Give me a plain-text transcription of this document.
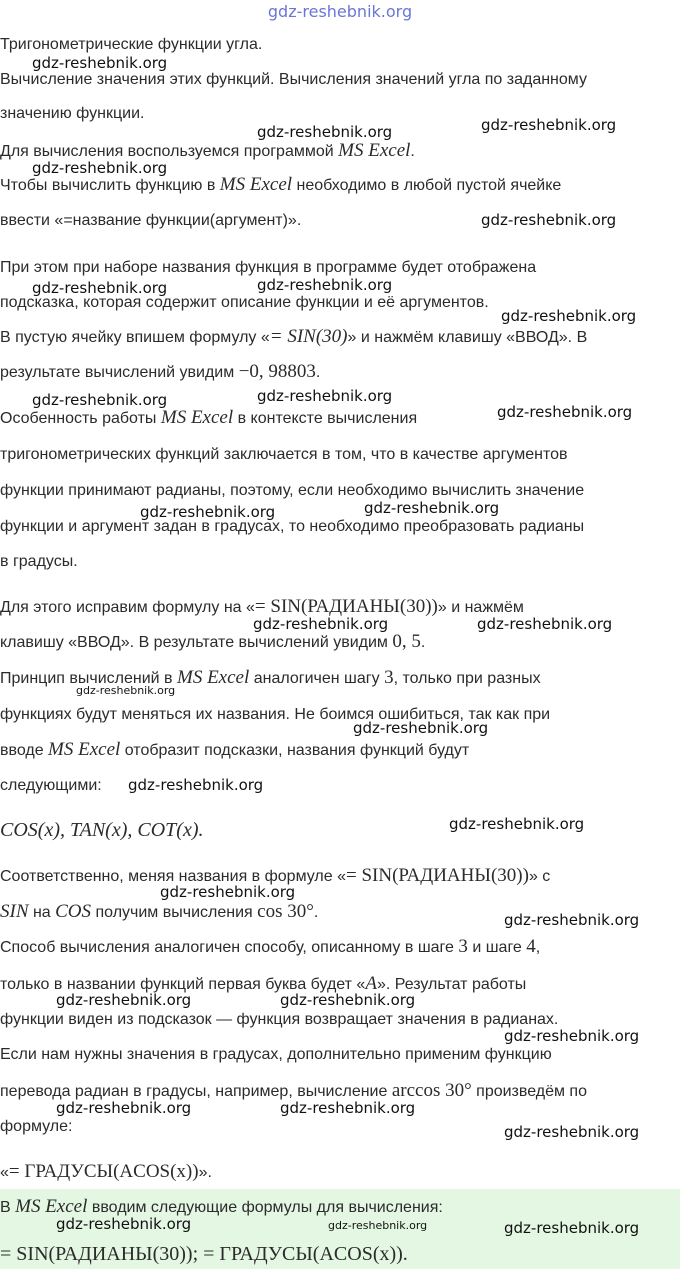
gdz-reshebnik.org
Тригонометрические функции угла.
Вычисление значения этих функций. Вычисления значений угла по заданному
значению функции.
Для вычисления воспользуемся программой MS Excel.
Чтобы вычислить функцию в MS Excel необходимо в любой пустой ячейке
ввести «=название функции(аргумент)».
При этом при наборе названия функция в программе будет отображена
подсказка, которая содержит описание функции и её аргументов.
В пустую ячейку впишем формулу «= SIN(30)» и нажмём клавишу «ВВОД». В
результате вычислений увидим −0, 98803.
Особенность работы MS Excel в контексте вычисления
тригонометрических функций заключается в том, что в качестве аргументов
функции принимают радианы, поэтому, если необходимо вычислить значение
функции и аргумент задан в градусах, то необходимо преобразовать радианы
в градусы.
Для этого исправим формулу на «= SIN(РАДИАНЫ(30))» и нажмём
клавишу «ВВОД». В результате вычислений увидим 0, 5.
Принцип вычислений в MS Excel аналогичен шагу 3, только при разных
функциях будут меняться их названия. Не боимся ошибиться, так как при
вводе MS Excel отобразит подсказки, названия функций будут
следующими:
COS(x), TAN(x), COT(x).
Соответственно, меняя названия в формуле «= SIN(РАДИАНЫ(30))» с
SIN на COS получим вычисления cos 30°.
Способ вычисления аналогичен способу, описанному в шаге 3 и шаге 4,
только в названии функций первая буква будет «A». Результат работы
функции виден из подсказок — функция возвращает значения в радианах.
Если нам нужны значения в градусах, дополнительно применим функцию
перевода радиан в градусы, например, вычисление arccos 30° произведём по
формуле:
«= ГРАДУСЫ(ACOS(x))».
В MS Excel вводим следующие формулы для вычисления:
= SIN(РАДИАНЫ(30)); = ГРАДУСЫ(ACOS(x)).
gdz-reshebnik.org
gdz-reshebnik.org	gdz-reshebnik.org
gdz-reshebnik.org
gdz-reshebnik.org
gdz-reshebnik.org	gdz-reshebnik.org
gdz-reshebnik.org
gdz-reshebnik.org	gdz-reshebnik.org
gdz-reshebnik.org
gdz-reshebnik.org	gdz-reshebnik.org
gdz-reshebnik.org	gdz-reshebnik.org
gdz-reshebnik.org
gdz-reshebnik.org
gdz-reshebnik.org
gdz-reshebnik.org
gdz-reshebnik.org
gdz-reshebnik.org
gdz-reshebnik.org	gdz-reshebnik.org
gdz-reshebnik.org
gdz-reshebnik.org	gdz-reshebnik.org
gdz-reshebnik.org
gdz-reshebnik.org	gdz-reshebnik.org	gdz-reshebnik.org
